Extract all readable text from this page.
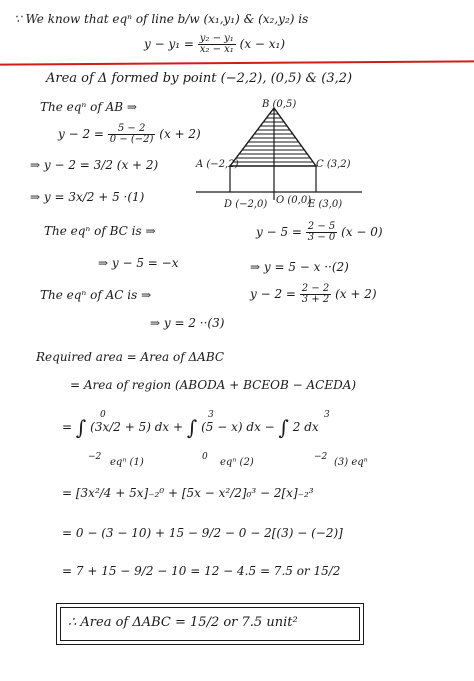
∵ We know that eqⁿ of line b/w (x₁,y₁) & (x₂,y₂) is
$y - y_1 = \frac{\text{y₂ − y₁}}{\text{x₂ − x₁}} (x - x_1)$
Area of Δ formed by point (−2,2), (0,5) & (3,2)
The eqⁿ of AB ⇒
$y - 2 = \frac{5 - 2}{0 - (-2)} (x + 2)$
⇒ y − 2 = 3/2 (x + 2)
⇒ y = 3x/2 + 5 ·(1)
B (0,5)
A (−2,2)	C (3,2)
D (−2,0) O (0,0)
E (3,0)
The eqⁿ of BC is ⇒	$y - 5 = \frac{2 - 5}{3 - 0} (x - 0)$
⇒ y − 5 = −x	⇒ y = 5 − x ··(2)
The eqⁿ of AC is ⇒	$y - 2 = \frac{2 - 2}{3 + 2} (x + 2)$
⇒ y = 2 ··(3)
Required area = Area of ΔABC
= Area of region (ABODA + BCEOB − ACEDA)
= ∫ (3x/2 + 5) dx + ∫ (5 − x) dx − ∫ 2 dx
0
−2
3
0
3
−2
eqⁿ (1)	eqⁿ (2)	(3) eqⁿ
= [3x²/4 + 5x]₋₂⁰ + [5x − x²/2]₀³ − 2[x]₋₂³
= 0 − (3 − 10) + 15 − 9/2 − 0 − 2[(3) − (−2)]
= 7 + 15 − 9/2 − 10 = 12 − 4.5 = 7.5 or 15/2
∴ Area of ΔABC = 15/2 or 7.5 unit²
